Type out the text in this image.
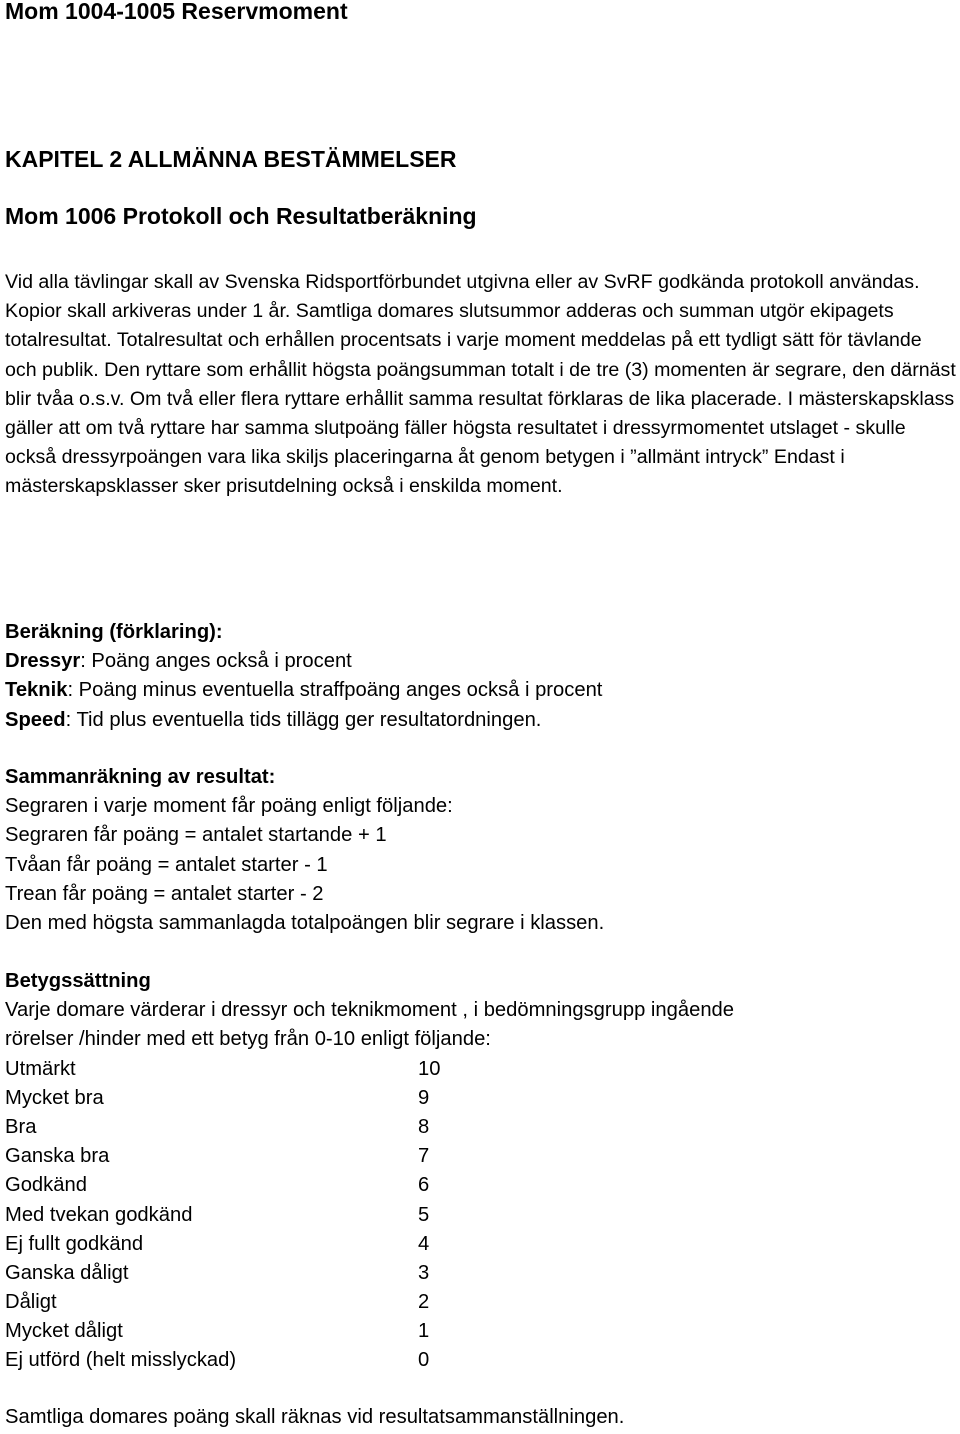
Mom 1004-1005 Reservmoment
KAPITEL 2 ALLMÄNNA BESTÄMMELSER
Mom 1006 Protokoll och Resultatberäkning

Vid alla tävlingar skall av Svenska Ridsportförbundet utgivna eller av SvRF godkända protokoll användas. Kopior skall arkiveras under 1 år. Samtliga domares slutsummor adderas och summan utgör ekipagets totalresultat. Totalresultat och erhållen procentsats i varje moment meddelas på ett tydligt sätt för tävlande och publik. Den ryttare som erhållit högsta poängsumman totalt i de tre (3) momenten är segrare, den därnäst blir tvåa o.s.v. Om två eller flera ryttare erhållit samma resultat förklaras de lika placerade. I mästerskapsklass gäller att om två ryttare har samma slutpoäng fäller högsta resultatet i dressyrmomentet utslaget - skulle också dressyrpoängen vara lika skiljs placeringarna åt genom betygen i ”allmänt intryck” Endast i mästerskapsklasser sker prisutdelning också i enskilda moment.

Beräkning (förklaring):
Dressyr: Poäng anges också i procent
Teknik: Poäng minus eventuella straffpoäng anges också i procent
Speed: Tid plus eventuella tids tillägg ger resultatordningen.
Sammanräkning av resultat:
Segraren i varje moment får poäng enligt följande:
Segraren får poäng = antalet startande + 1
Tvåan får poäng = antalet starter - 1
Trean får poäng = antalet starter - 2
Den med högsta sammanlagda totalpoängen blir segrare i klassen.
Betygssättning
Varje domare värderar i dressyr och teknikmoment , i bedömningsgrupp ingående
rörelser /hinder med ett betyg från 0-10 enligt följande:
Utmärkt	10
Mycket bra	9
Bra	8
Ganska bra	7
Godkänd	6
Med tvekan godkänd	5
Ej fullt godkänd	4
Ganska dåligt	3
Dåligt	2
Mycket dåligt	1
Ej utförd (helt misslyckad)	0
Samtliga domares poäng skall räknas vid resultatsammanställningen.
